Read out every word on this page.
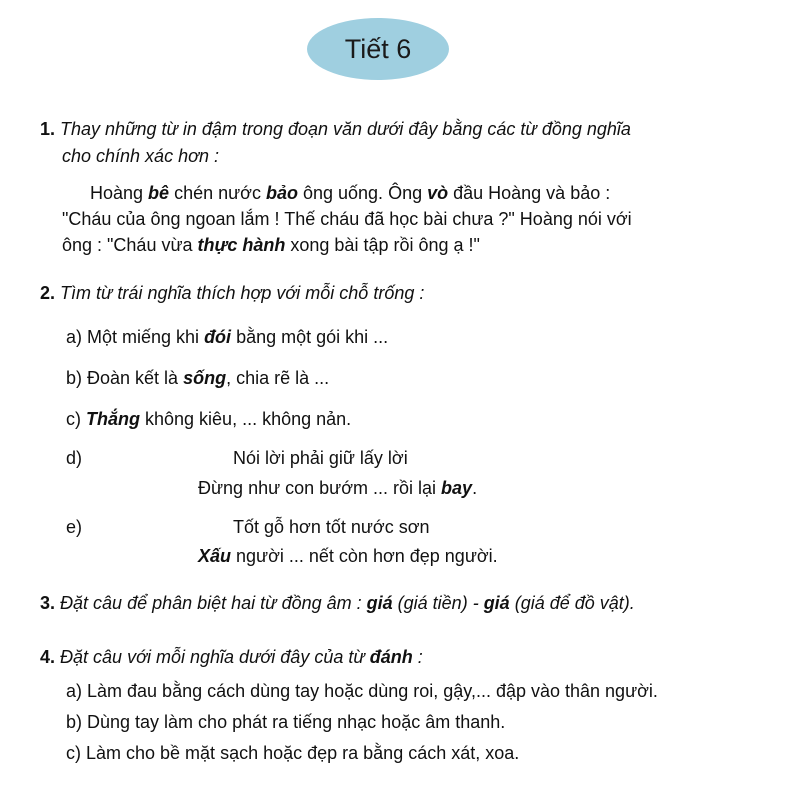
Tiết 6
1. Thay những từ in đậm trong đoạn văn dưới đây bằng các từ đồng nghĩa
cho chính xác hơn :
Hoàng bê chén nước bảo ông uống. Ông vò đầu Hoàng và bảo :
"Cháu của ông ngoan lắm ! Thế cháu đã học bài chưa ?" Hoàng nói với
ông : "Cháu vừa thực hành xong bài tập rồi ông ạ !"
2. Tìm từ trái nghĩa thích hợp với mỗi chỗ trống :
a) Một miếng khi đói bằng một gói khi ...
b) Đoàn kết là sống, chia rẽ là ...
c) Thắng không kiêu, ... không nản.
d)	Nói lời phải giữ lấy lời
Đừng như con bướm ... rồi lại bay.
e)	Tốt gỗ hơn tốt nước sơn
Xấu người ... nết còn hơn đẹp người.
3. Đặt câu để phân biệt hai từ đồng âm : giá (giá tiền) - giá (giá để đồ vật).
4. Đặt câu với mỗi nghĩa dưới đây của từ đánh :
a) Làm đau bằng cách dùng tay hoặc dùng roi, gậy,... đập vào thân người.
b) Dùng tay làm cho phát ra tiếng nhạc hoặc âm thanh.
c) Làm cho bề mặt sạch hoặc đẹp ra bằng cách xát, xoa.
